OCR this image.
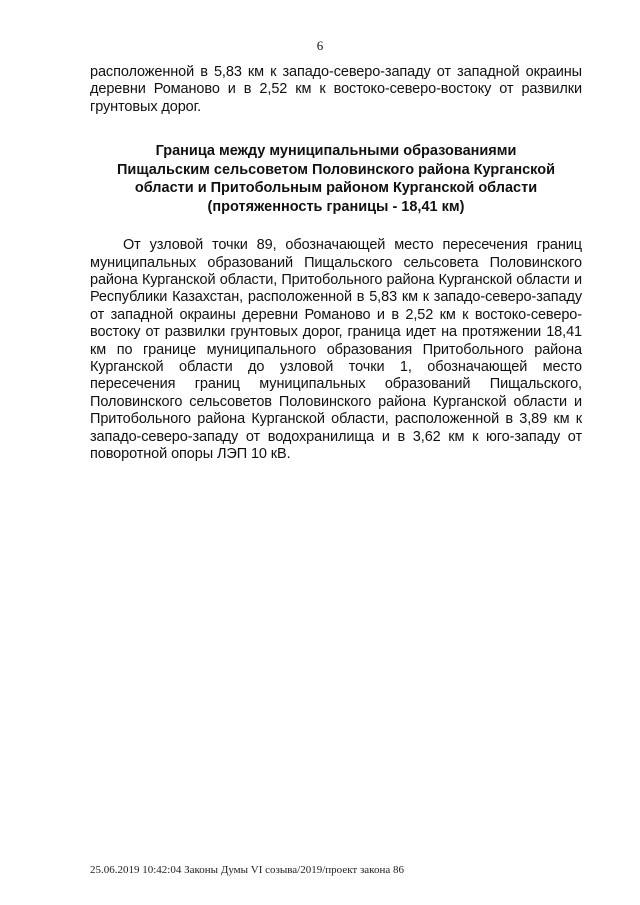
6

расположенной в 5,83 км к западо-северо-западу от западной окраины деревни Романово и в 2,52 км к востоко-северо-востоку от развилки грунтовых дорог.

Граница между муниципальными образованиями
Пищальским сельсоветом Половинского района Курганской
области и Притобольным районом Курганской области
(протяженность границы - 18,41 км)

От узловой точки 89, обозначающей место пересечения границ муниципальных образований Пищальского сельсовета Половинского района Курганской области, Притобольного района Курганской области и Республики Казахстан, расположенной в 5,83 км к западо-северо-западу от западной окраины деревни Романово и в 2,52 км к востоко-северо-востоку от развилки грунтовых дорог, граница идет на протяжении 18,41 км по границе муниципального образования Притобольного района Курганской области до узловой точки 1, обозначающей место пересечения границ муниципальных образований Пищальского, Половинского сельсоветов Половинского района Курганской области и Притобольного района Курганской области, расположенной в 3,89 км к западо-северо-западу от водохранилища и в 3,62 км к юго-западу от поворотной опоры ЛЭП 10 кВ.

25.06.2019 10:42:04 Законы Думы VI созыва/2019/проект закона 86
